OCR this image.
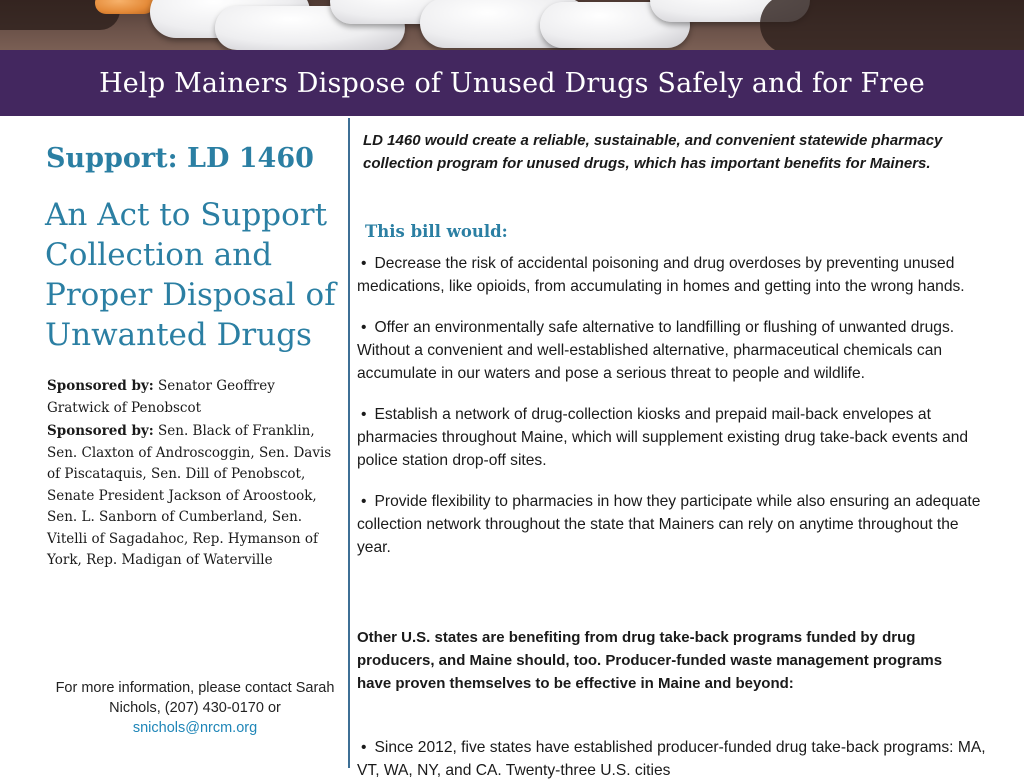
Help Mainers Dispose of Unused Drugs Safely and for Free
Support: LD 1460
An Act to Support Collection and Proper Disposal of Unwanted Drugs

Sponsored by: Senator Geoffrey Gratwick of Penobscot

Sponsored by: Sen. Black of Franklin, Sen. Claxton of Androscoggin, Sen. Davis of Piscataquis, Sen. Dill of Penobscot, Senate President Jackson of Aroostook, Sen. L. Sanborn of Cumberland, Sen. Vitelli of Sagadahoc, Rep. Hymanson of York, Rep. Madigan of Waterville

For more information, please contact Sarah Nichols, (207) 430-0170 or
snichols@nrcm.org

LD 1460 would create a reliable, sustainable, and convenient statewide pharmacy collection program for unused drugs, which has important benefits for Mainers.

This bill would:

• Decrease the risk of accidental poisoning and drug overdoses by preventing unused medications, like opioids, from accumulating in homes and getting into the wrong hands.

• Offer an environmentally safe alternative to landfilling or flushing of unwanted drugs. Without a convenient and well-established alternative, pharmaceutical chemicals can accumulate in our waters and pose a serious threat to people and wildlife.

• Establish a network of drug-collection kiosks and prepaid mail-back envelopes at pharmacies throughout Maine, which will supplement existing drug take-back events and police station drop-off sites.

• Provide flexibility to pharmacies in how they participate while also ensuring an adequate collection network throughout the state that Mainers can rely on anytime throughout the year.

Other U.S. states are benefiting from drug take-back programs funded by drug producers, and Maine should, too. Producer-funded waste management programs have proven themselves to be effective in Maine and beyond:

• Since 2012, five states have established producer-funded drug take-back programs: MA, VT, WA, NY, and CA. Twenty-three U.S. cities
